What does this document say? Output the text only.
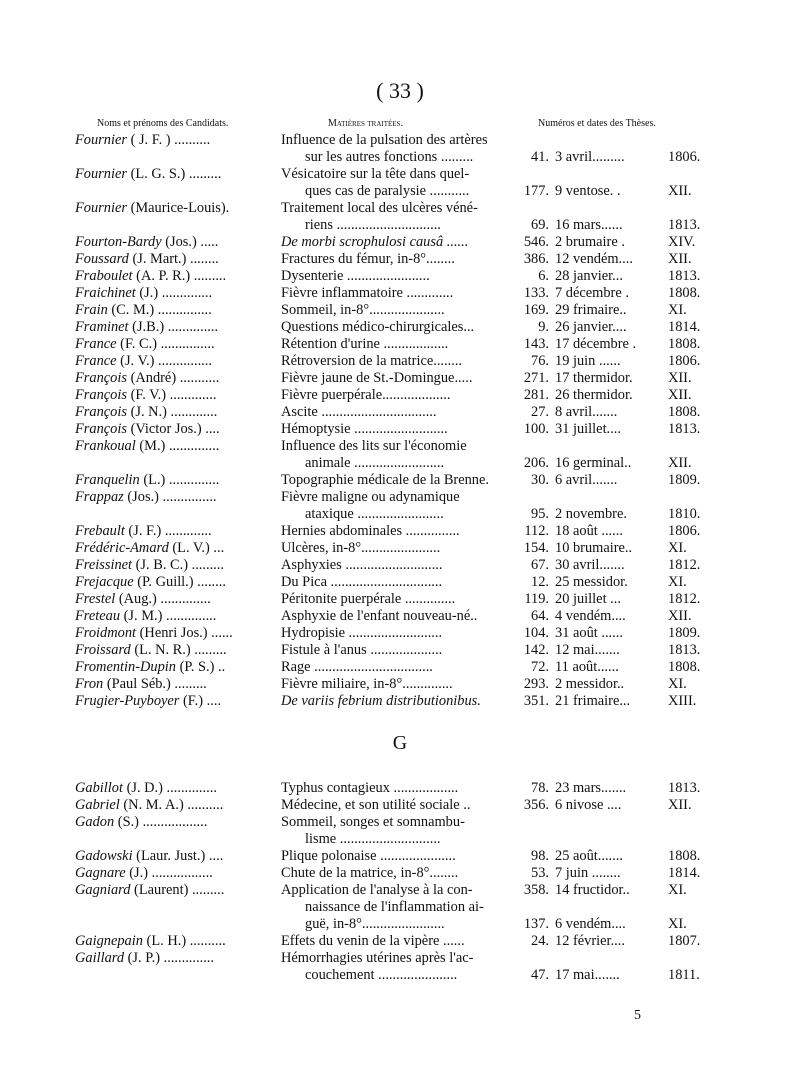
( 33 )
Noms et prénoms des Candidats.	Matières traitées.	Numéros et dates des Thèses.
Fournier ( J. F. ) ..........	Influence de la pulsation des artères
sur les autres fonctions .........	41. 3 avril.........	1806.
Fournier (L. G. S.) .........	Vésicatoire sur la tête dans quel-
ques cas de paralysie ...........	177. 9 ventose. .	XII.
Fournier (Maurice-Louis).	Traitement local des ulcères véné-
riens .............................	69. 16 mars......	1813.
Fourton-Bardy (Jos.) .....	De morbi scrophulosi causâ ......	546. 2 brumaire .	XIV.
Foussard (J. Mart.) ........	Fractures du fémur, in-8°........	386. 12 vendém.... XII.
Fraboulet (A. P. R.) .........	Dysenterie .......................	6. 28 janvier...	1813.
Fraichinet (J.) ..............	Fièvre inflammatoire .............	133. 7 décembre .	1808.
Frain (C. M.) ...............	Sommeil, in-8°.....................	169. 29 frimaire..	XI.
Framinet (J.B.) ..............	Questions médico-chirurgicales...	9. 26 janvier....	1814.
France (F. C.) ...............	Rétention d'urine ..................	143. 17 décembre . 1808.
France (J. V.) ...............	Rétroversion de la matrice........	76. 19 juin ......	1806.
François (André) ...........	Fièvre jaune de St.-Domingue.....	271. 17 thermidor. XII.
François (F. V.) .............	Fièvre puerpérale...................	281. 26 thermidor. XII.
François (J. N.) .............	Ascite ................................	27. 8 avril.......	1808.
François (Victor Jos.) ....	Hémoptysie ..........................	100. 31 juillet....	1813.
Frankoual (M.) ..............	Influence des lits sur l'économie
animale .........................	206. 16 germinal..	XII.
Franquelin (L.) ..............	Topographie médicale de la Brenne.	30. 6 avril.......	1809.
Frappaz (Jos.) ...............	Fièvre maligne ou adynamique
ataxique ........................	95. 2 novembre.	1810.
Frebault (J. F.) .............	Hernies abdominales ...............	112. 18 août ......	1806.
Frédéric-Amard (L. V.) ...	Ulcères, in-8°......................	154. 10 brumaire.. XI.
Freissinet (J. B. C.) .........	Asphyxies ...........................	67. 30 avril.......	1812.
Frejacque (P. Guill.) ........	Du Pica ...............................	12. 25 messidor.	XI.
Frestel (Aug.) ..............	Péritonite puerpérale ..............	119. 20 juillet ...	1812.
Freteau (J. M.) ..............	Asphyxie de l'enfant nouveau-né..	64. 4 vendém....	XII.
Froidmont (Henri Jos.) ......	Hydropisie ..........................	104. 31 août ......	1809.
Froissard (L. N. R.) .........	Fistule à l'anus ....................	142. 12 mai.......	1813.
Fromentin-Dupin (P. S.) ..	Rage .................................	72. 11 août......	1808.
Fron (Paul Séb.) .........	Fièvre miliaire, in-8°..............	293. 2 messidor..	XI.
Frugier-Puyboyer (F.) ....	De variis febrium distributionibus.	351. 21 frimaire...	XIII.
G
Gabillot (J. D.) ..............	Typhus contagieux ..................	78. 23 mars.......	1813.
Gabriel (N. M. A.) ..........	Médecine, et son utilité sociale ..	356. 6 nivose ....	XII.
Gadon (S.) ..................	Sommeil, songes et somnambu-
lisme ............................
Gadowski (Laur. Just.) ....	Plique polonaise .....................	98. 25 août.......	1808.
Gagnare (J.) .................	Chute de la matrice, in-8°........	53. 7 juin ........	1814.
Gagniard (Laurent) .........	Application de l'analyse à la con-	358. 14 fructidor..	XI.
naissance de l'inflammation ai-
guë, in-8°.......................	137. 6 vendém....	XI.
Gaignepain (L. H.) ..........	Effets du venin de la vipère ......	24. 12 février....	1807.
Gaillard (J. P.) ..............	Hémorrhagies utérines après l'ac-
couchement ......................	47. 17 mai.......	1811.
5
